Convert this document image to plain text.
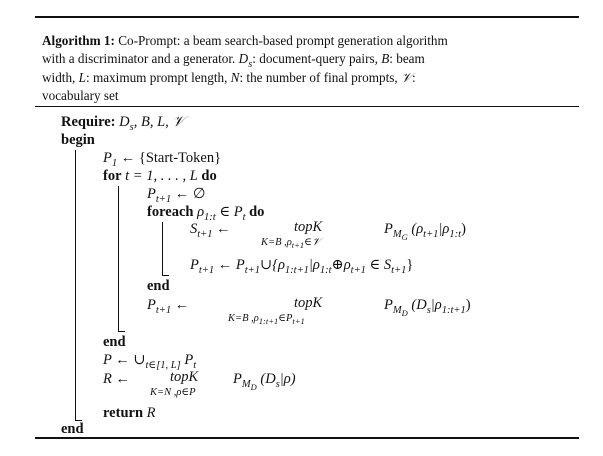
Algorithm 1: Co-Prompt: a beam search-based prompt generation algorithm
with a discriminator and a generator. $D_s$: document-query pairs, B: beam
width, L: maximum prompt length, N: the number of final prompts, 𝒱:
vocabulary set
Require: $D_s$, B, L, 𝒱
begin
$P_1$ ← {Start-Token}
for t = 1, . . . , L do
$P_{t+1}$ ← ∅
foreach $\rho_{1:t}$ ∈ $P_t$ do
$S_{t+1}$ ←	topK
K=B $,\rho_{t+1}\in 𝒱$
$P_{MG}$ $(\rho_{t+1}|\rho_{1:t})$
$P_{t+1}$ ← $P_{t+1}\cup\{\rho_{1:t+1}|\rho_{1:t}\oplus\rho_{t+1}$ ∈ $S_{t+1}$}
end
$P_{t+1}$ ←	topK
K=B $,\rho_{1:t+1}\in P_{t+1}$
$P_{MD}$ $(D_s|\rho_{1:t+1})$
end
P ← $\cup_{t\in[1, L]}$ $P_t$
R ←	topK
K=N ,ρ∈P
$P_{MD}$ $(D_s|\rho)$
return R
end
